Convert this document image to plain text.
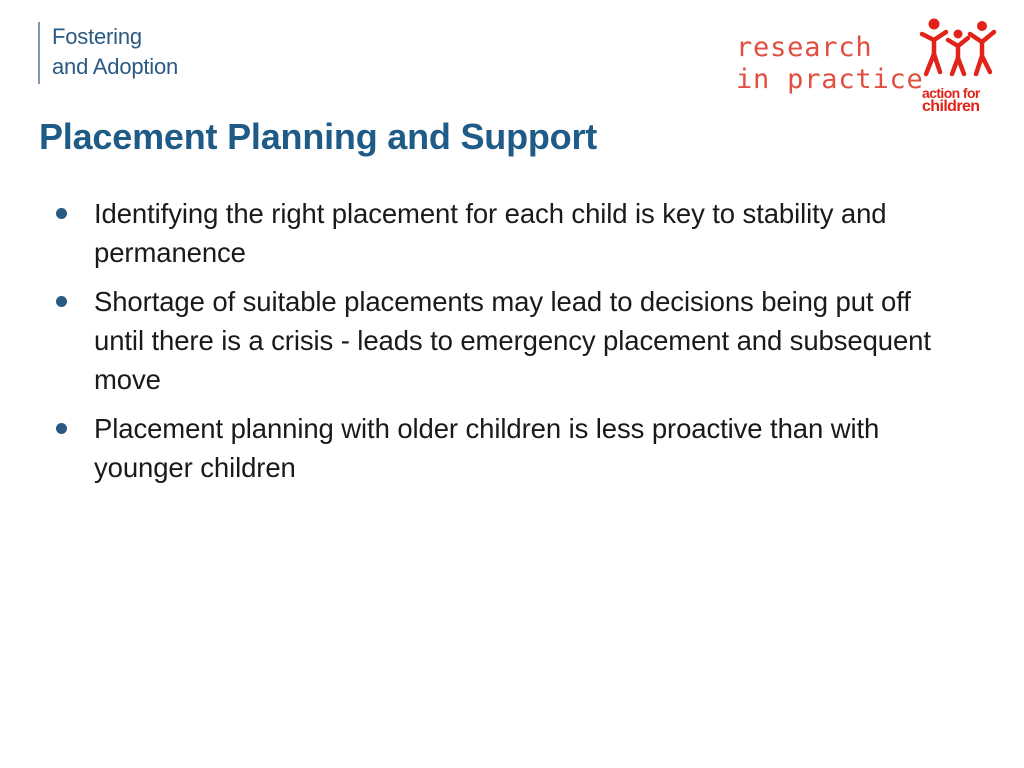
Fostering
and Adoption
research
in practice
action for
children
Placement Planning and Support
Identifying the right placement for each child is key to stability and permanence
Shortage of suitable placements may lead to decisions being put off until there is a crisis - leads to emergency placement and subsequent move
Placement planning with older children is less proactive than with younger children
